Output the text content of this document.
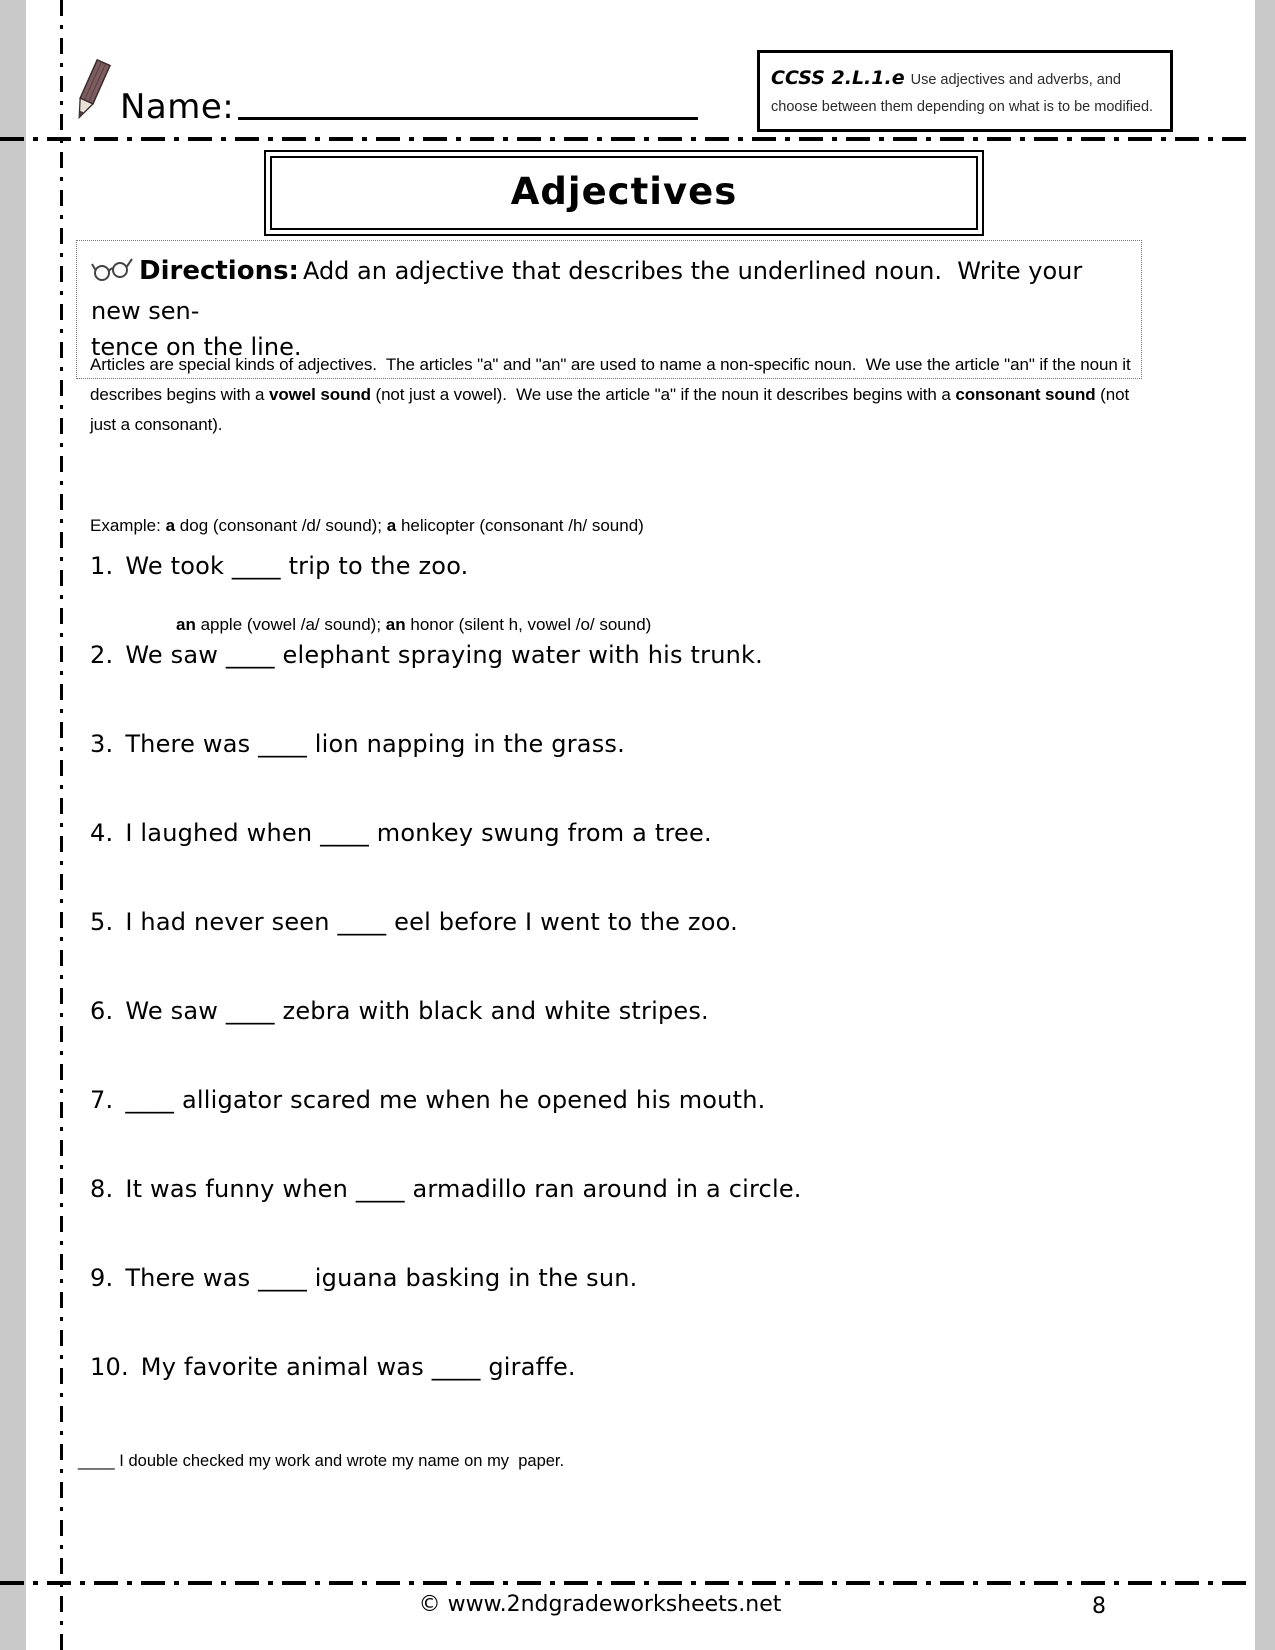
Name:
CCSS 2.L.1.e Use adjectives and adverbs, and choose between them depending on what is to be modified.
Adjectives
Directions: Add an adjective that describes the underlined noun.  Write your new sen-
tence on the line.
Articles are special kinds of adjectives.  The articles "a" and "an" are used to name a non-specific noun.  We use the article "an" if the noun it describes begins with a vowel sound (not just a vowel).  We use the article "a" if the noun it describes begins with a consonant sound (not just a consonant).

Example: a dog (consonant /d/ sound); a helicopter (consonant /h/ sound)

an apple (vowel /a/ sound); an honor (silent h, vowel /o/ sound)

1. We took ____ trip to the zoo.
2. We saw ____ elephant spraying water with his trunk.
3. There was ____ lion napping in the grass.
4. I laughed when ____ monkey swung from a tree.
5. I had never seen ____ eel before I went to the zoo.
6. We saw ____ zebra with black and white stripes.
7. ____ alligator scared me when he opened his mouth.
8. It was funny when ____ armadillo ran around in a circle.
9. There was ____ iguana basking in the sun.
10. My favorite animal was ____ giraffe.
____ I double checked my work and wrote my name on my  paper.
© www.2ndgradeworksheets.net	8
